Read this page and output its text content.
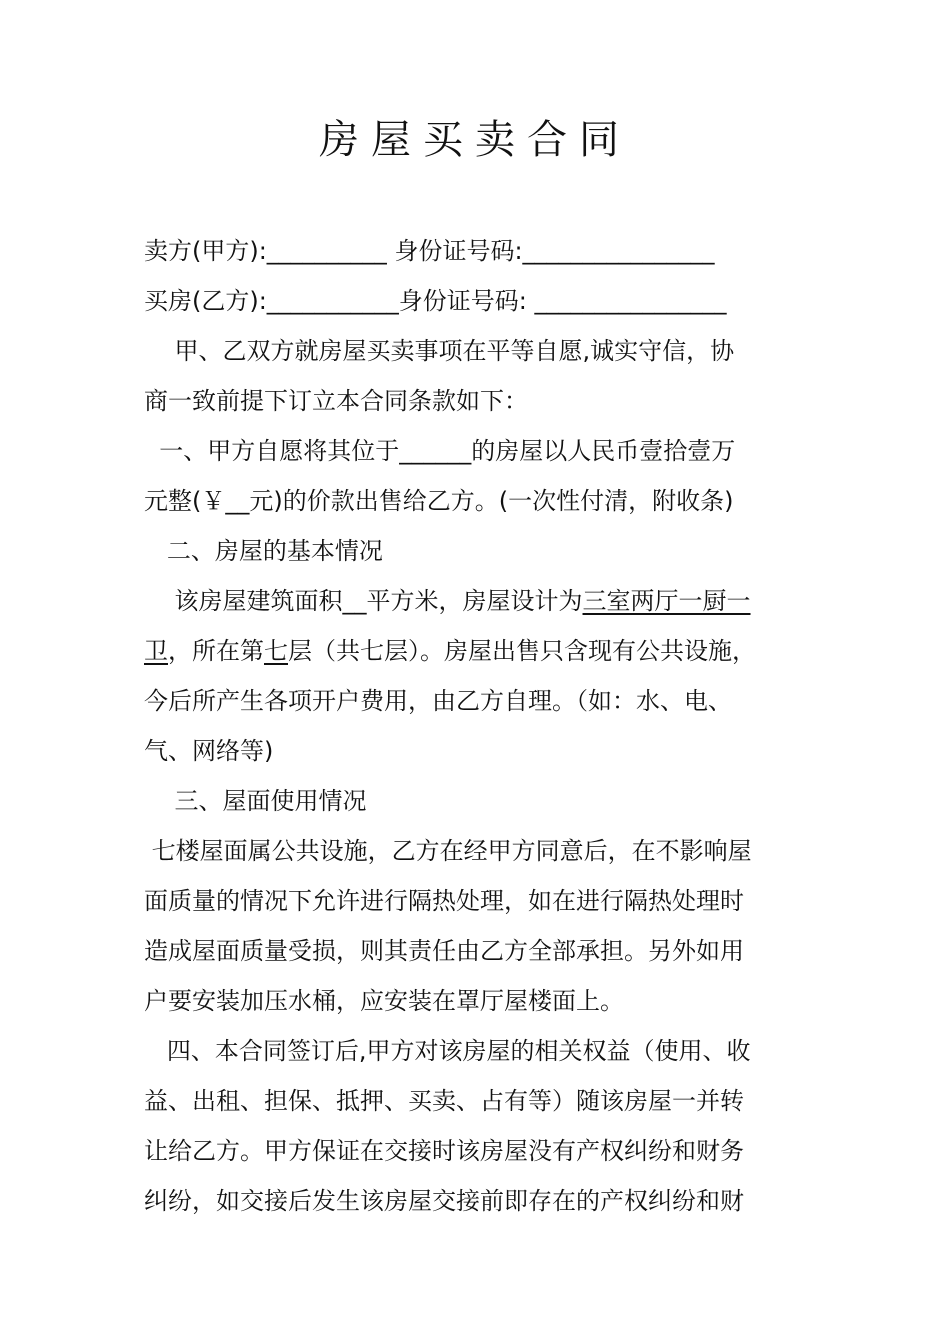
房屋买卖合同
卖方(甲方):__________ 身份证号码:________________
买房(乙方):___________身份证号码: ________________
甲、乙双方就房屋买卖事项在平等自愿,诚实守信，协
商一致前提下订立本合同条款如下：
一、甲方自愿将其位于______的房屋以人民币壹拾壹万
元整(￥__元)的价款出售给乙方。(一次性付清，附收条)
二、房屋的基本情况
该房屋建筑面积__平方米，房屋设计为三室两厅一厨一
卫，所在第七层（共七层）。房屋出售只含现有公共设施，
今后所产生各项开户费用，由乙方自理。（如：水、电、
气、网络等)
三、屋面使用情况
七楼屋面属公共设施，乙方在经甲方同意后，在不影响屋
面质量的情况下允许进行隔热处理，如在进行隔热处理时
造成屋面质量受损，则其责任由乙方全部承担。另外如用
户要安装加压水桶，应安装在罩厅屋楼面上。
四、本合同签订后,甲方对该房屋的相关权益（使用、收
益、出租、担保、抵押、买卖、占有等）随该房屋一并转
让给乙方。甲方保证在交接时该房屋没有产权纠纷和财务
纠纷，如交接后发生该房屋交接前即存在的产权纠纷和财
